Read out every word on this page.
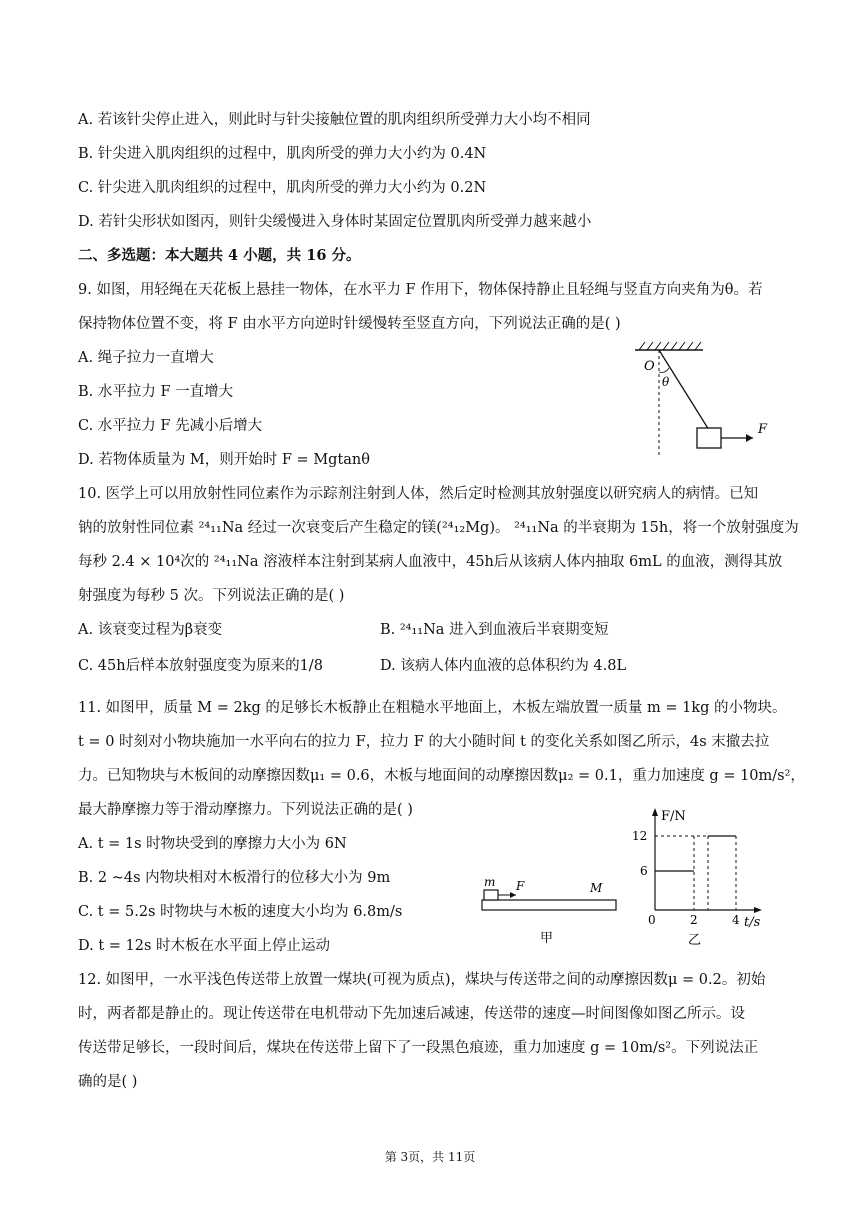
A. 若该针尖停止进入，则此时与针尖接触位置的肌肉组织所受弹力大小均不相同
B. 针尖进入肌肉组织的过程中，肌肉所受的弹力大小约为 0.4N
C. 针尖进入肌肉组织的过程中，肌肉所受的弹力大小约为 0.2N
D. 若针尖形状如图丙，则针尖缓慢进入身体时某固定位置肌肉所受弹力越来越小
二、多选题：本大题共 4 小题，共 16 分。
9. 如图，用轻绳在天花板上悬挂一物体，在水平力 F 作用下，物体保持静止且轻绳与竖直方向夹角为θ。若
保持物体位置不变，将 F 由水平方向逆时针缓慢转至竖直方向，下列说法正确的是( )
A. 绳子拉力一直增大
B. 水平拉力 F 一直增大
C. 水平拉力 F 先减小后增大
D. 若物体质量为 M，则开始时 F = Mgtanθ
O
θ
F
10. 医学上可以用放射性同位素作为示踪剂注射到人体，然后定时检测其放射强度以研究病人的病情。已知
钠的放射性同位素 ²⁴₁₁Na 经过一次衰变后产生稳定的镁(²⁴₁₂Mg)。 ²⁴₁₁Na 的半衰期为 15h，将一个放射强度为
每秒 2.4 × 10⁴次的 ²⁴₁₁Na 溶液样本注射到某病人血液中，45h后从该病人体内抽取 6mL 的血液，测得其放
射强度为每秒 5 次。下列说法正确的是( )
A. 该衰变过程为β衰变	B. ²⁴₁₁Na 进入到血液后半衰期变短
C. 45h后样本放射强度变为原来的1/8	D. 该病人体内血液的总体积约为 4.8L
11. 如图甲，质量 M = 2kg 的足够长木板静止在粗糙水平地面上，木板左端放置一质量 m = 1kg 的小物块。
t = 0 时刻对小物块施加一水平向右的拉力 F，拉力 F 的大小随时间 t 的变化关系如图乙所示，4s 末撤去拉
力。已知物块与木板间的动摩擦因数μ₁ = 0.6，木板与地面间的动摩擦因数μ₂ = 0.1，重力加速度 g = 10m/s²，
最大静摩擦力等于滑动摩擦力。下列说法正确的是( )
A. t = 1s 时物块受到的摩擦力大小为 6N
B. 2 ~4s 内物块相对木板滑行的位移大小为 9m
C. t = 5.2s 时物块与木板的速度大小均为 6.8m/s
D. t = 12s 时木板在水平面上停止运动
m F	M
甲
F/N
12
6
0	2	4 t/s
乙
12. 如图甲，一水平浅色传送带上放置一煤块(可视为质点)，煤块与传送带之间的动摩擦因数μ = 0.2。初始
时，两者都是静止的。现让传送带在电机带动下先加速后减速，传送带的速度—时间图像如图乙所示。设
传送带足够长，一段时间后，煤块在传送带上留下了一段黑色痕迹，重力加速度 g = 10m/s²。下列说法正
确的是( )
第 3页，共 11页
